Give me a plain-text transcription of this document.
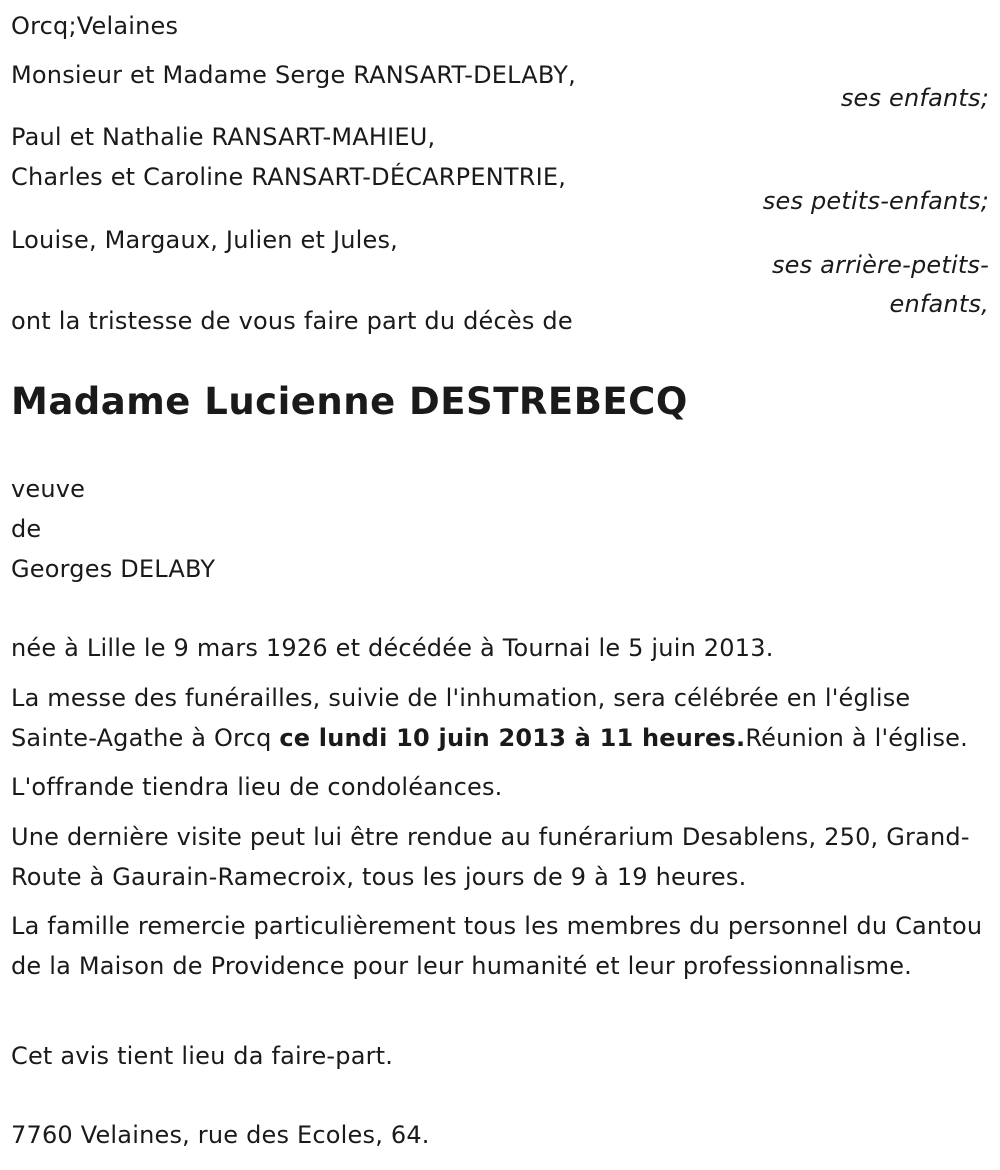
Orcq;Velaines
Monsieur et Madame Serge RANSART-DELABY,
ses enfants;
Paul et Nathalie RANSART-MAHIEU,
Charles et Caroline RANSART-DÉCARPENTRIE,
ses petits-enfants;
Louise, Margaux, Julien et Jules,
ses arrière-petits-
enfants,
ont la tristesse de vous faire part du décès de
Madame Lucienne DESTREBECQ
veuve
de
Georges DELABY
née à Lille le 9 mars 1926 et décédée à Tournai le 5 juin 2013.
La messe des funérailles, suivie de l'inhumation, sera célébrée en l'église Sainte-Agathe à Orcq ce lundi 10 juin 2013 à 11 heures.Réunion à l'église.
L'offrande tiendra lieu de condoléances.
Une dernière visite peut lui être rendue au funérarium Desablens, 250, Grand-Route à Gaurain-Ramecroix, tous les jours de 9 à 19 heures.
La famille remercie particulièrement tous les membres du personnel du Cantou de la Maison de Providence pour leur humanité et leur professionnalisme.
Cet avis tient lieu da faire-part.
7760 Velaines, rue des Ecoles, 64.
